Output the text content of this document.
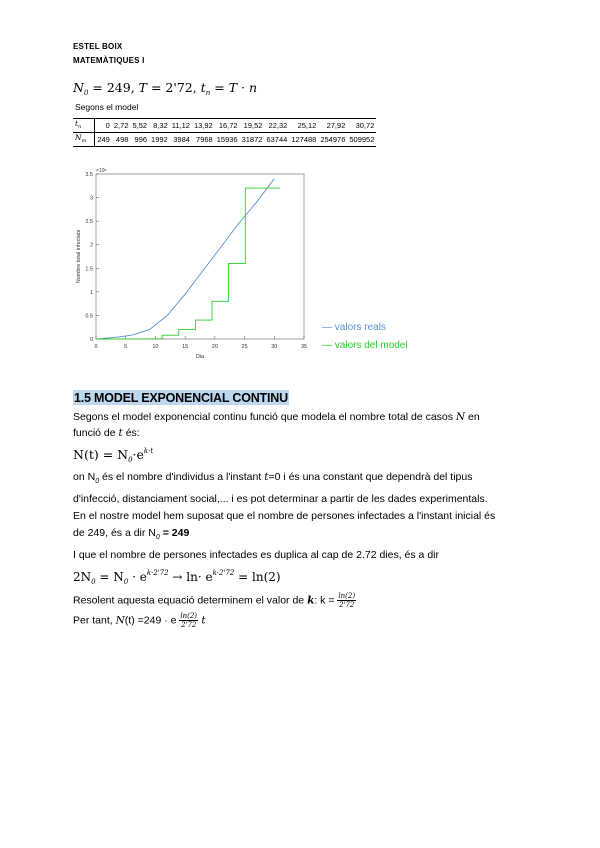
ESTEL BOIX
MATEMÀTIQUES I
$N_0 = 249$, T = 2'72, $t_n = T \cdot n$
Segons el model
$t_n$	0	2,72	5,52	8,32	11,12	13,92	16,72	19,52	22,32	25,12	27,92	30,72
$N_m$	249	498	996	1992	3984	7968	15936	31872	63744	127488	254976	509952
0	5	10	15	20	25	30	35
0
0.5
1
1.5
2
2.5
3
3.5
×10⁶
Dia
Nombre total infectats
— valors reals
— valors del model
1.5 MODEL EXPONENCIAL CONTINU
Segons el model exponencial continu funció que modela el nombre total de casos N en
funció de t és:
$N(t) = N_0\cdot e^{k\cdot t}$
on $N_0$ és el nombre d'individus a l'instant t=0 i és una constant que dependrà del tipus
d'infecció, distanciament social,... i es pot determinar a partir de les dades experimentals.
En el nostre model hem suposat que el nombre de persones infectades a l'instant inicial és
de 249, és a dir $N_0 = 249$
I que el nombre de persones infectades es duplica al cap de 2.72 dies, és a dir
$2N_0 = N_0 \cdot e^{k\cdot 2'72} \to \ln\cdot e^{k\cdot 2'72} = \ln(2)$
Resolent aquesta equació determinem el valor de k: $k = \frac{\ln(2)}{2'72}$
Per tant, N(t) =249 · e $\frac{\ln(2)}{2'72}$ t
